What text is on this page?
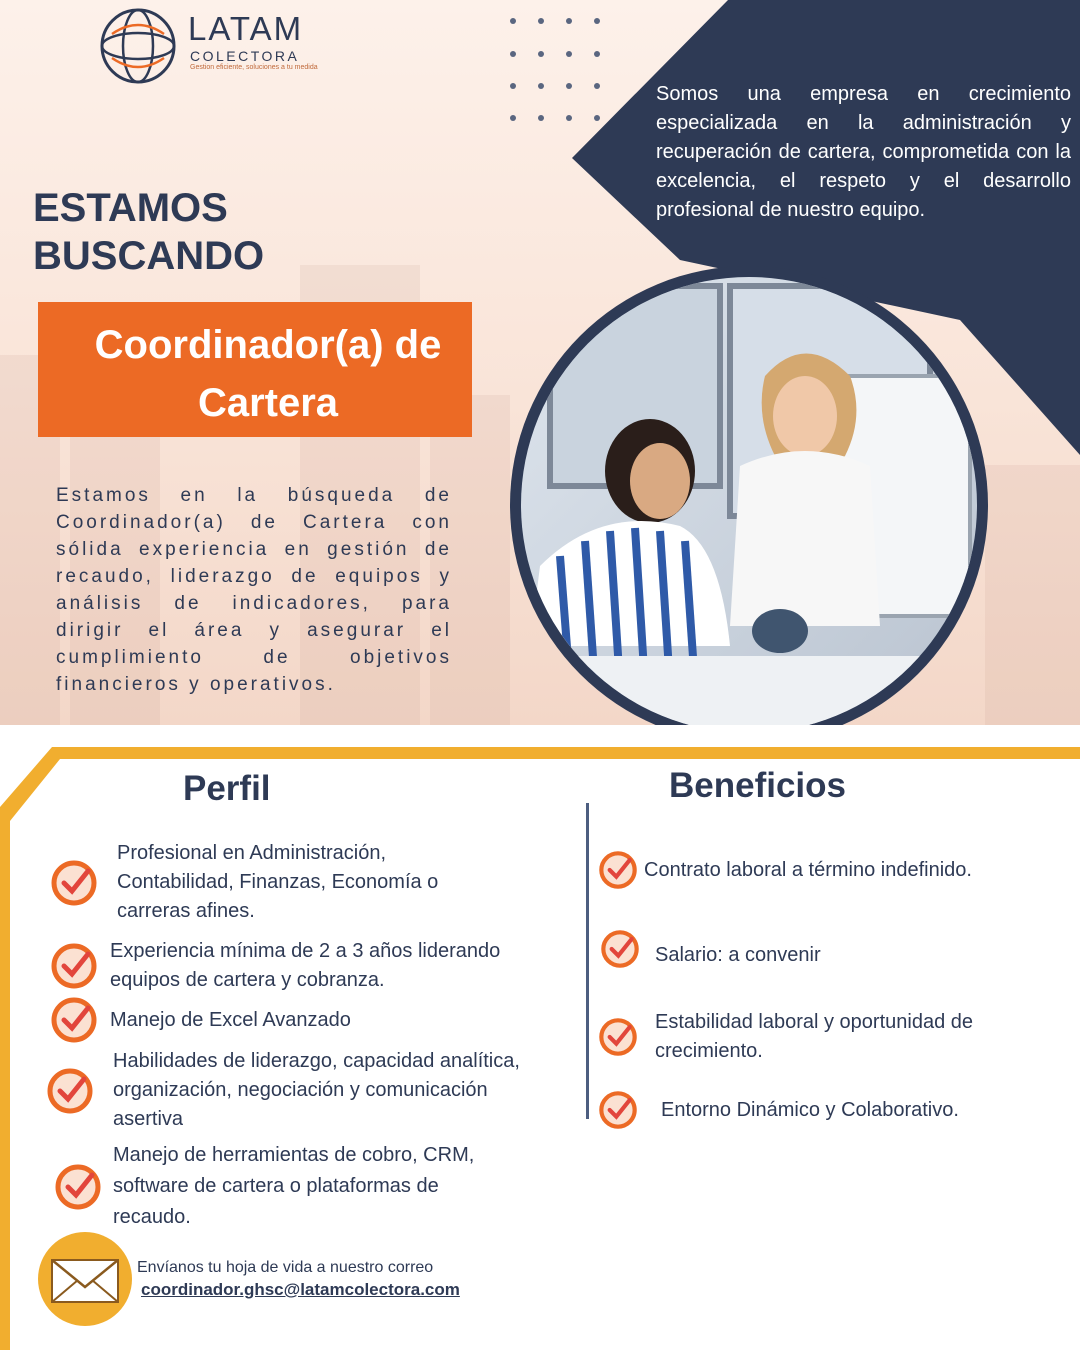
LATAM
COLECTORA
Gestion eficiente, soluciones a tu medida
Somos una empresa en crecimiento especializada en la administración y recuperación de cartera, comprometida con la excelencia, el respeto y el desarrollo profesional de nuestro equipo.
ESTAMOS
BUSCANDO
Coordinador(a) de
Cartera
Estamos en la búsqueda de Coordinador(a) de Cartera con sólida experiencia en gestión de recaudo, liderazgo de equipos y análisis de indicadores, para dirigir el área y asegurar el cumplimiento de objetivos financieros y operativos.
Perfil	Beneficios
Profesional en Administración, Contabilidad, Finanzas, Economía o carreras afines.
Experiencia mínima de 2 a 3 años liderando equipos de cartera y cobranza.
Manejo de Excel Avanzado
Habilidades de liderazgo, capacidad analítica, organización, negociación y comunicación asertiva
Manejo de herramientas de cobro, CRM, software de cartera o plataformas de recaudo.
Contrato laboral a término indefinido.
Salario: a convenir
Estabilidad laboral y oportunidad de crecimiento.
Entorno Dinámico y Colaborativo.
Envíanos tu hoja de vida a nuestro correo
coordinador.ghsc@latamcolectora.com
